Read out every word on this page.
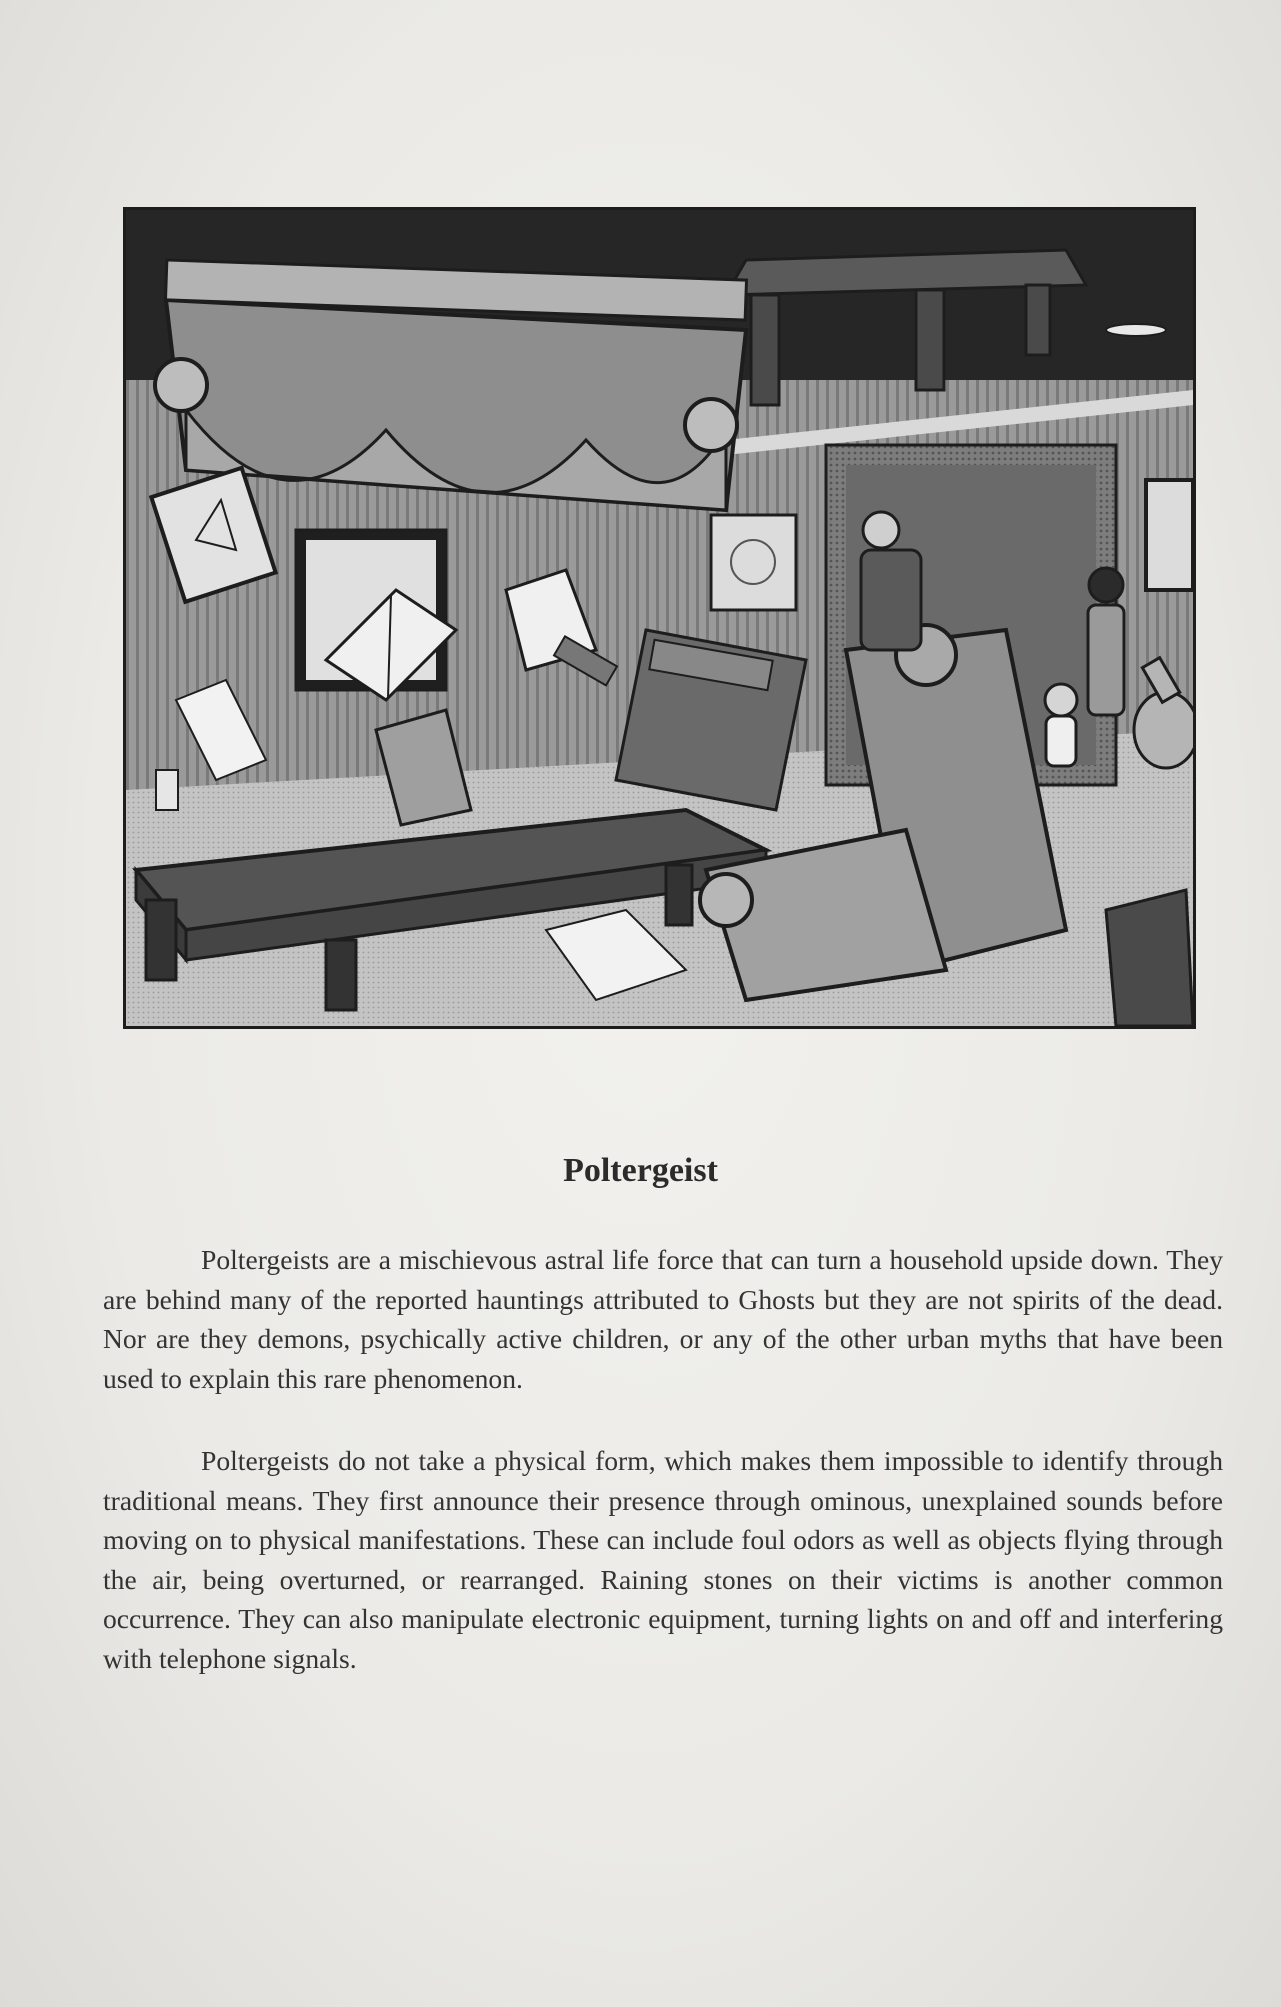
Poltergeist

Poltergeists are a mischievous astral life force that can turn a household upside down. They are behind many of the reported hauntings attributed to Ghosts but they are not spirits of the dead. Nor are they demons, psychically active children, or any of the other urban myths that have been used to explain this rare phenomenon.

Poltergeists do not take a physical form, which makes them impossible to identify through traditional means. They first announce their presence through ominous, unexplained sounds before moving on to physical manifestations. These can include foul odors as well as objects flying through the air, being overturned, or rearranged. Raining stones on their victims is another common occurrence. They can also manipulate electronic equipment, turning lights on and off and interfering with telephone signals.
